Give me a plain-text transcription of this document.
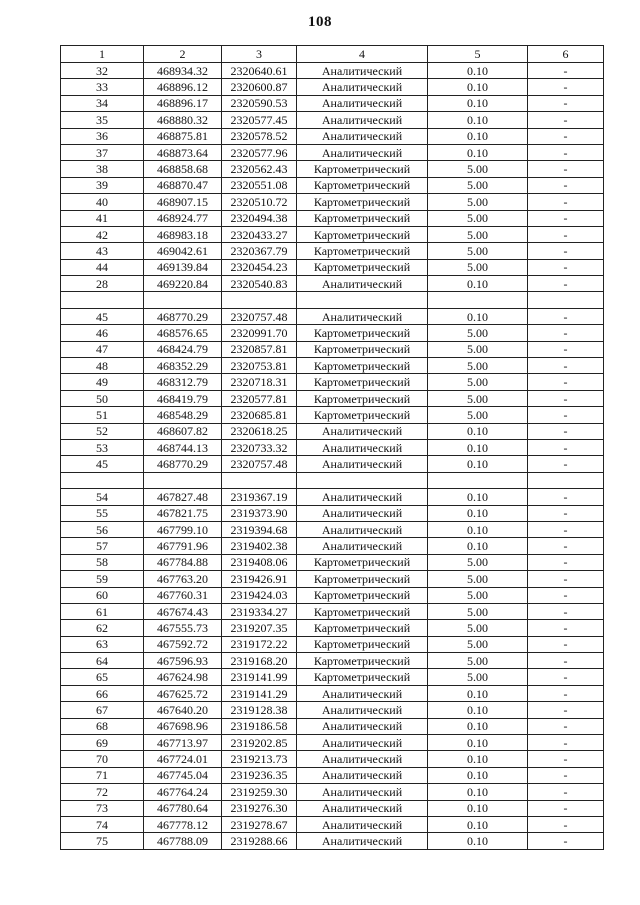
108
1	2	3	4	5	6
32	468934.32	2320640.61	Аналитический	0.10	-
33	468896.12	2320600.87	Аналитический	0.10	-
34	468896.17	2320590.53	Аналитический	0.10	-
35	468880.32	2320577.45	Аналитический	0.10	-
36	468875.81	2320578.52	Аналитический	0.10	-
37	468873.64	2320577.96	Аналитический	0.10	-
38	468858.68	2320562.43	Картометрический	5.00	-
39	468870.47	2320551.08	Картометрический	5.00	-
40	468907.15	2320510.72	Картометрический	5.00	-
41	468924.77	2320494.38	Картометрический	5.00	-
42	468983.18	2320433.27	Картометрический	5.00	-
43	469042.61	2320367.79	Картометрический	5.00	-
44	469139.84	2320454.23	Картометрический	5.00	-
28	469220.84	2320540.83	Аналитический	0.10	-

45	468770.29	2320757.48	Аналитический	0.10	-
46	468576.65	2320991.70	Картометрический	5.00	-
47	468424.79	2320857.81	Картометрический	5.00	-
48	468352.29	2320753.81	Картометрический	5.00	-
49	468312.79	2320718.31	Картометрический	5.00	-
50	468419.79	2320577.81	Картометрический	5.00	-
51	468548.29	2320685.81	Картометрический	5.00	-
52	468607.82	2320618.25	Аналитический	0.10	-
53	468744.13	2320733.32	Аналитический	0.10	-
45	468770.29	2320757.48	Аналитический	0.10	-

54	467827.48	2319367.19	Аналитический	0.10	-
55	467821.75	2319373.90	Аналитический	0.10	-
56	467799.10	2319394.68	Аналитический	0.10	-
57	467791.96	2319402.38	Аналитический	0.10	-
58	467784.88	2319408.06	Картометрический	5.00	-
59	467763.20	2319426.91	Картометрический	5.00	-
60	467760.31	2319424.03	Картометрический	5.00	-
61	467674.43	2319334.27	Картометрический	5.00	-
62	467555.73	2319207.35	Картометрический	5.00	-
63	467592.72	2319172.22	Картометрический	5.00	-
64	467596.93	2319168.20	Картометрический	5.00	-
65	467624.98	2319141.99	Картометрический	5.00	-
66	467625.72	2319141.29	Аналитический	0.10	-
67	467640.20	2319128.38	Аналитический	0.10	-
68	467698.96	2319186.58	Аналитический	0.10	-
69	467713.97	2319202.85	Аналитический	0.10	-
70	467724.01	2319213.73	Аналитический	0.10	-
71	467745.04	2319236.35	Аналитический	0.10	-
72	467764.24	2319259.30	Аналитический	0.10	-
73	467780.64	2319276.30	Аналитический	0.10	-
74	467778.12	2319278.67	Аналитический	0.10	-
75	467788.09	2319288.66	Аналитический	0.10	-
